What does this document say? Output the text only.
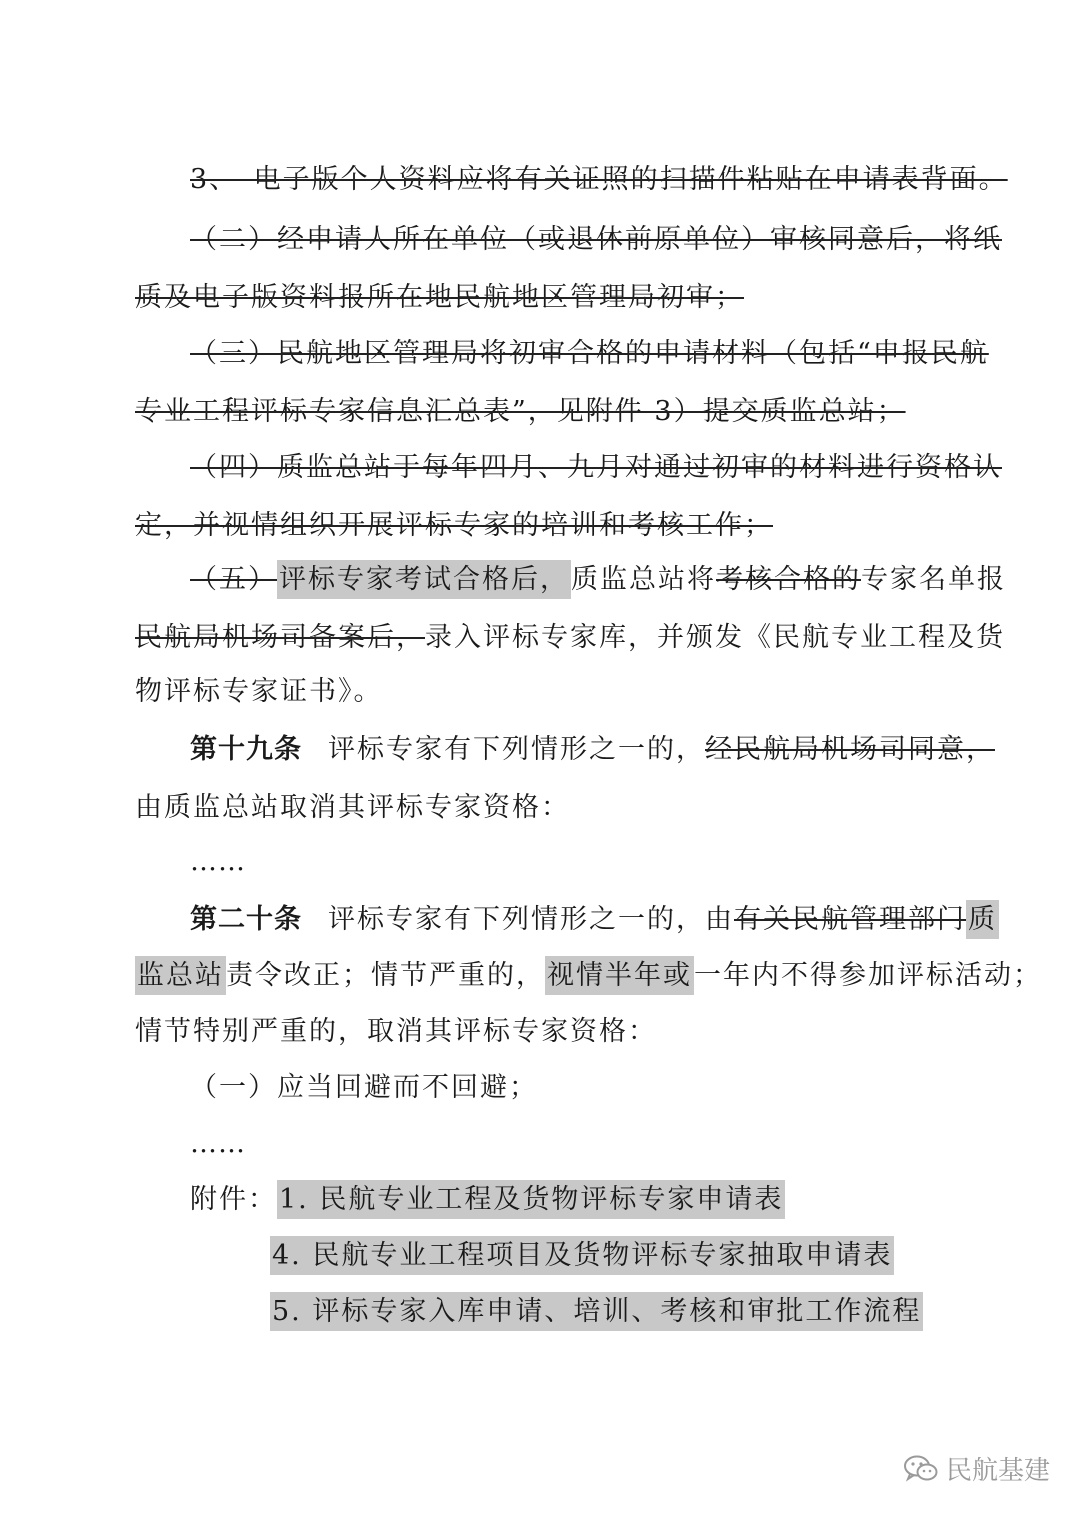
3、　电子版个人资料应将有关证照的扫描件粘贴在申请表背面。
（二）经申请人所在单位（或退休前原单位）审核同意后，将纸
质及电子版资料报所在地民航地区管理局初审；
（三）民航地区管理局将初审合格的申请材料（包括“申报民航
专业工程评标专家信息汇总表”，见附件 3）提交质监总站；
（四）质监总站于每年四月、九月对通过初审的材料进行资格认
定，并视情组织开展评标专家的培训和考核工作；
（五）评标专家考试合格后，质监总站将考核合格的专家名单报
民航局机场司备案后，录入评标专家库，并颁发《民航专业工程及货
物评标专家证书》。
第十九条 评标专家有下列情形之一的，经民航局机场司同意，
由质监总站取消其评标专家资格：
……
第二十条 评标专家有下列情形之一的，由有关民航管理部门质
监总站责令改正；情节严重的，视情半年或一年内不得参加评标活动；
情节特别严重的，取消其评标专家资格：
（一）应当回避而不回避；
……
附件：1. 民航专业工程及货物评标专家申请表
4. 民航专业工程项目及货物评标专家抽取申请表
5. 评标专家入库申请、培训、考核和审批工作流程
民航基建
